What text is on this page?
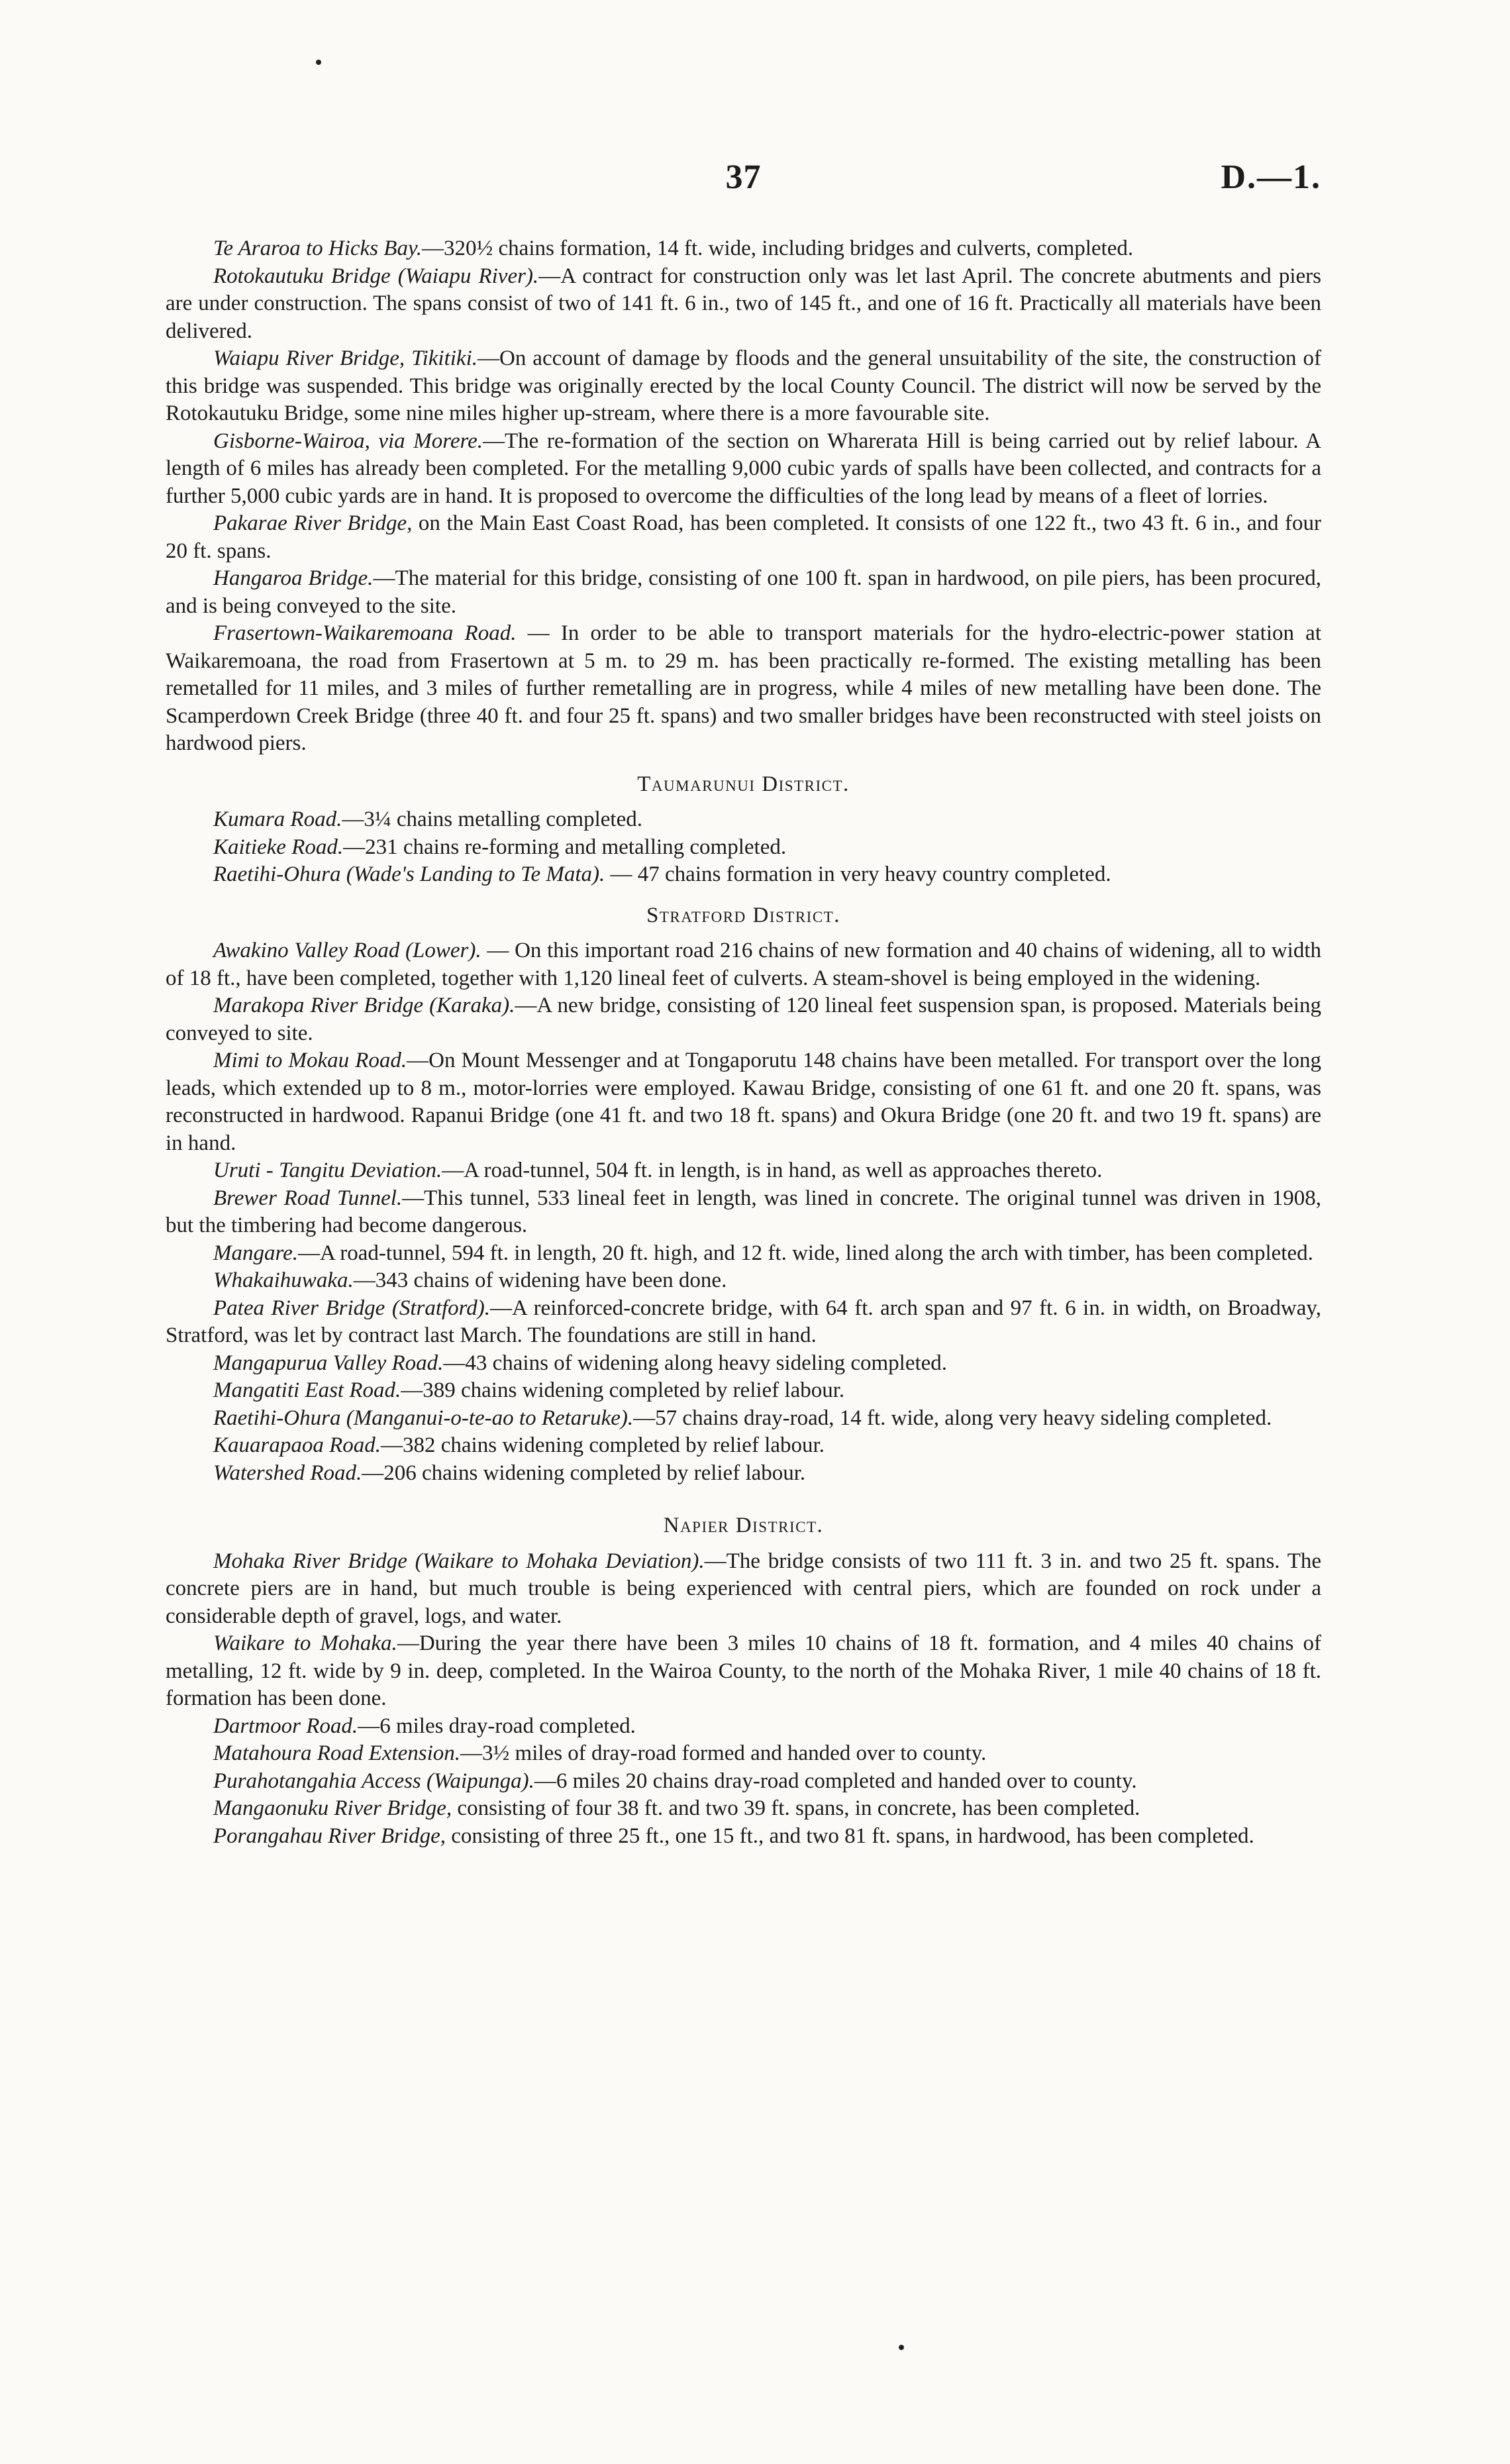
37	D.—1.

Te Araroa to Hicks Bay.—320½ chains formation, 14 ft. wide, including bridges and culverts, completed.

Rotokautuku Bridge (Waiapu River).—A contract for construction only was let last April. The concrete abutments and piers are under construction. The spans consist of two of 141 ft. 6 in., two of 145 ft., and one of 16 ft. Practically all materials have been delivered.

Waiapu River Bridge, Tikitiki.—On account of damage by floods and the general unsuitability of the site, the construction of this bridge was suspended. This bridge was originally erected by the local County Council. The district will now be served by the Rotokautuku Bridge, some nine miles higher up-stream, where there is a more favourable site.

Gisborne-Wairoa, via Morere.—The re-formation of the section on Wharerata Hill is being carried out by relief labour. A length of 6 miles has already been completed. For the metalling 9,000 cubic yards of spalls have been collected, and contracts for a further 5,000 cubic yards are in hand. It is proposed to overcome the difficulties of the long lead by means of a fleet of lorries.

Pakarae River Bridge, on the Main East Coast Road, has been completed. It consists of one 122 ft., two 43 ft. 6 in., and four 20 ft. spans.

Hangaroa Bridge.—The material for this bridge, consisting of one 100 ft. span in hardwood, on pile piers, has been procured, and is being conveyed to the site.

Frasertown-Waikaremoana Road. — In order to be able to transport materials for the hydro-electric-power station at Waikaremoana, the road from Frasertown at 5 m. to 29 m. has been practically re-formed. The existing metalling has been remetalled for 11 miles, and 3 miles of further remetalling are in progress, while 4 miles of new metalling have been done. The Scamperdown Creek Bridge (three 40 ft. and four 25 ft. spans) and two smaller bridges have been reconstructed with steel joists on hardwood piers.

Taumarunui District.

Kumara Road.—3¼ chains metalling completed.

Kaitieke Road.—231 chains re-forming and metalling completed.

Raetihi-Ohura (Wade's Landing to Te Mata). — 47 chains formation in very heavy country completed.

Stratford District.

Awakino Valley Road (Lower). — On this important road 216 chains of new formation and 40 chains of widening, all to width of 18 ft., have been completed, together with 1,120 lineal feet of culverts. A steam-shovel is being employed in the widening.

Marakopa River Bridge (Karaka).—A new bridge, consisting of 120 lineal feet suspension span, is proposed. Materials being conveyed to site.

Mimi to Mokau Road.—On Mount Messenger and at Tongaporutu 148 chains have been metalled. For transport over the long leads, which extended up to 8 m., motor-lorries were employed. Kawau Bridge, consisting of one 61 ft. and one 20 ft. spans, was reconstructed in hardwood. Rapanui Bridge (one 41 ft. and two 18 ft. spans) and Okura Bridge (one 20 ft. and two 19 ft. spans) are in hand.

Uruti - Tangitu Deviation.—A road-tunnel, 504 ft. in length, is in hand, as well as approaches thereto.

Brewer Road Tunnel.—This tunnel, 533 lineal feet in length, was lined in concrete. The original tunnel was driven in 1908, but the timbering had become dangerous.

Mangare.—A road-tunnel, 594 ft. in length, 20 ft. high, and 12 ft. wide, lined along the arch with timber, has been completed.

Whakaihuwaka.—343 chains of widening have been done.

Patea River Bridge (Stratford).—A reinforced-concrete bridge, with 64 ft. arch span and 97 ft. 6 in. in width, on Broadway, Stratford, was let by contract last March. The foundations are still in hand.

Mangapurua Valley Road.—43 chains of widening along heavy sideling completed.

Mangatiti East Road.—389 chains widening completed by relief labour.

Raetihi-Ohura (Manganui-o-te-ao to Retaruke).—57 chains dray-road, 14 ft. wide, along very heavy sideling completed.

Kauarapaoa Road.—382 chains widening completed by relief labour.

Watershed Road.—206 chains widening completed by relief labour.

Napier District.

Mohaka River Bridge (Waikare to Mohaka Deviation).—The bridge consists of two 111 ft. 3 in. and two 25 ft. spans. The concrete piers are in hand, but much trouble is being experienced with central piers, which are founded on rock under a considerable depth of gravel, logs, and water.

Waikare to Mohaka.—During the year there have been 3 miles 10 chains of 18 ft. formation, and 4 miles 40 chains of metalling, 12 ft. wide by 9 in. deep, completed. In the Wairoa County, to the north of the Mohaka River, 1 mile 40 chains of 18 ft. formation has been done.

Dartmoor Road.—6 miles dray-road completed.

Matahoura Road Extension.—3½ miles of dray-road formed and handed over to county.

Purahotangahia Access (Waipunga).—6 miles 20 chains dray-road completed and handed over to county.

Mangaonuku River Bridge, consisting of four 38 ft. and two 39 ft. spans, in concrete, has been completed.

Porangahau River Bridge, consisting of three 25 ft., one 15 ft., and two 81 ft. spans, in hardwood, has been completed.
